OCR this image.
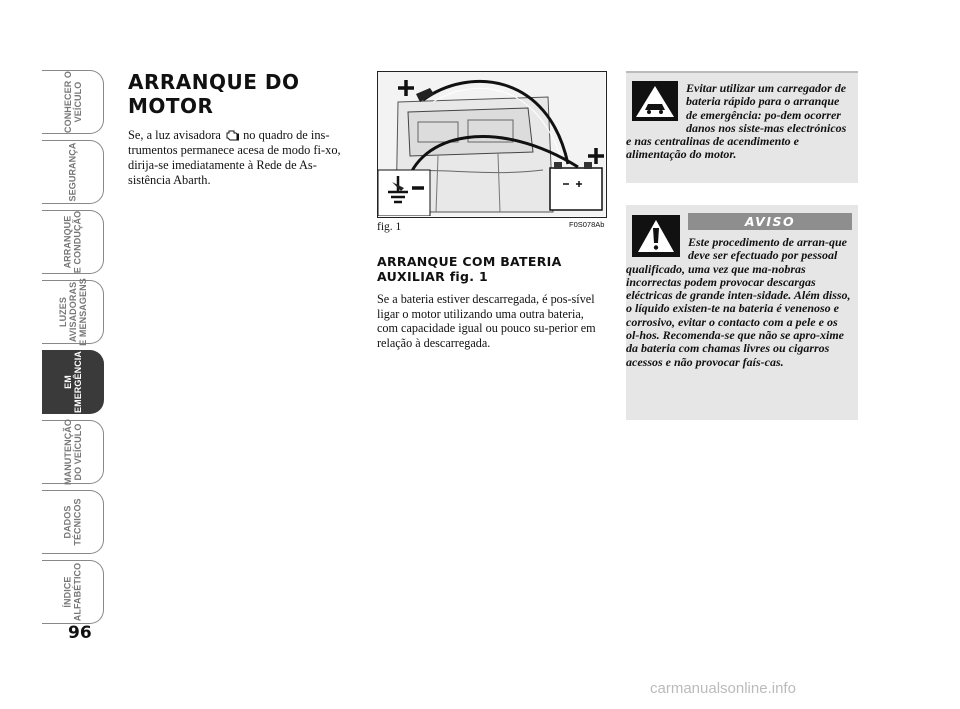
CONHECER O
VEÍCULO
SEGURANÇA
ARRANQUE
E CONDUÇÃO
LUZES
AVISADORAS
E MENSAGENS
EM
EMERGÊNCIA
MANUTENÇÃO
DO VEÍCULO
DADOS
TÉCNICOS
ÍNDICE
ALFABÉTICO
96
ARRANQUE DO MOTOR
Se, a luz avisadora  no quadro de ins-trumentos permanece acesa de modo fi-xo, dirija-se imediatamente à Rede de As-sistência Abarth.
fig. 1	F0S078Ab
ARRANQUE COM BATERIA AUXILIAR fig. 1
Se a bateria estiver descarregada, é pos-sível ligar o motor utilizando uma outra bateria, com capacidade igual ou pouco su-perior em relação à descarregada.
Evitar utilizar um carregador de bateria rápido para o arranque de emergência: po-dem ocorrer danos nos siste-mas electrónicos e nas centralinas de acendimento e alimentação do motor.
AVISO
Este procedimento de arran-que deve ser efectuado por pessoal qualificado, uma vez que ma-nobras incorrectas podem provocar descargas eléctricas de grande inten-sidade. Além disso, o líquido existen-te na bateria é venenoso e corrosivo, evitar o contacto com a pele e os ol-hos. Recomenda-se que não se apro-xime da bateria com chamas livres ou cigarros acessos e não provocar faís-cas.
carmanualsonline.info
